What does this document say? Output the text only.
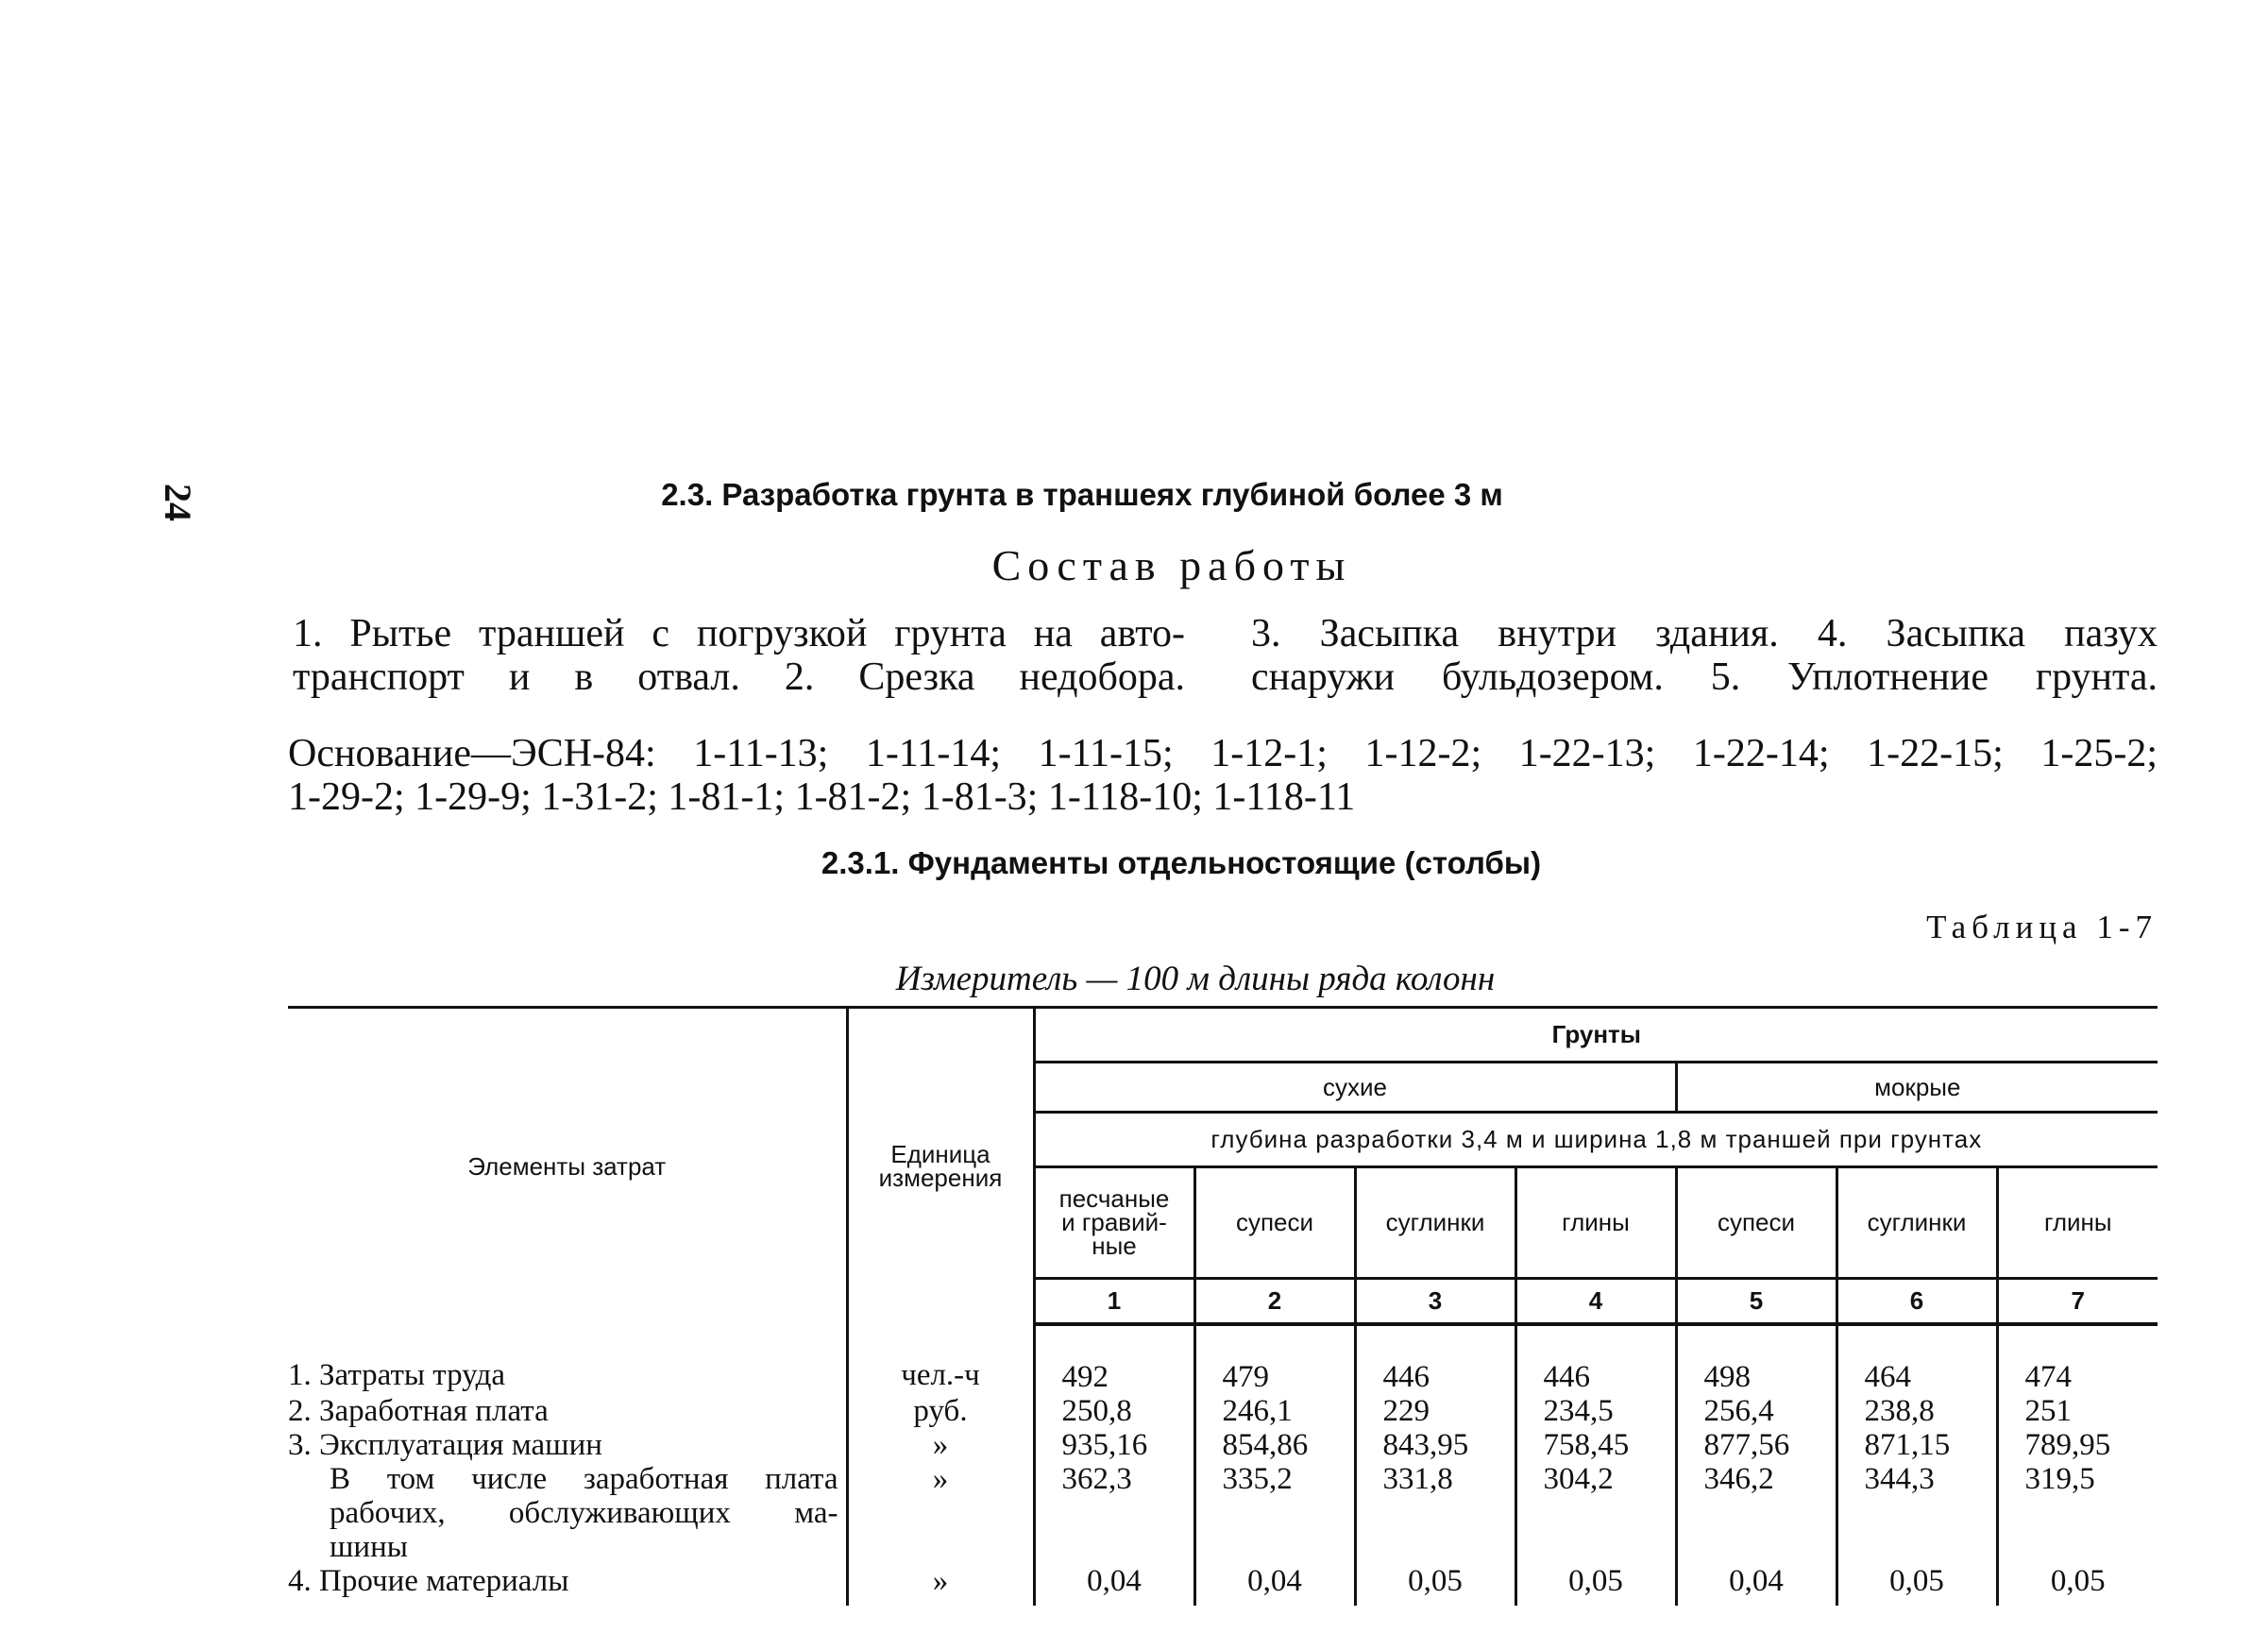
24	2.3. Разработка грунта в траншеях глубиной более 3 м
Состав работы
1. Рытье траншей с погрузкой грунта на авто-
транспорт и в отвал. 2. Срезка недобора.
3. Засыпка внутри здания. 4. Засыпка пазух
снаружи бульдозером. 5. Уплотнение грунта.
Основание—ЭСН-84: 1-11-13; 1-11-14; 1-11-15; 1-12-1; 1-12-2; 1-22-13; 1-22-14; 1-22-15; 1-25-2;
1-29-2; 1-29-9; 1-31-2; 1-81-1; 1-81-2; 1-81-3; 1-118-10; 1-118-11
2.3.1. Фундаменты отдельностоящие (столбы)
Таблица 1-7
Измеритель — 100 м длины ряда колонн
Элементы затрат	Единица измерения	Грунты						
		сухие				мокрые		
		глубина разработки 3,4 м и ширина 1,8 м траншей при грунтах						
		песчаные и гравий-ные	супеси	суглинки	глины	супеси	суглинки	глины
		1	2	3	4	5	6	7
1. Затраты труда	чел.-ч	492	479	446	446	498	464	474
2. Заработная плата	руб.	250,8	246,1	229	234,5	256,4	238,8	251
3. Эксплуатация машин	»	935,16	854,86	843,95	758,45	877,56	871,15	789,95

В том числе заработная плата
рабочих, обслуживающих ма-
шины	»	362,3	335,2	331,8	304,2	346,2	344,3	319,5
4. Прочие материалы	»	0,04	0,04	0,05	0,05	0,04	0,05	0,05
